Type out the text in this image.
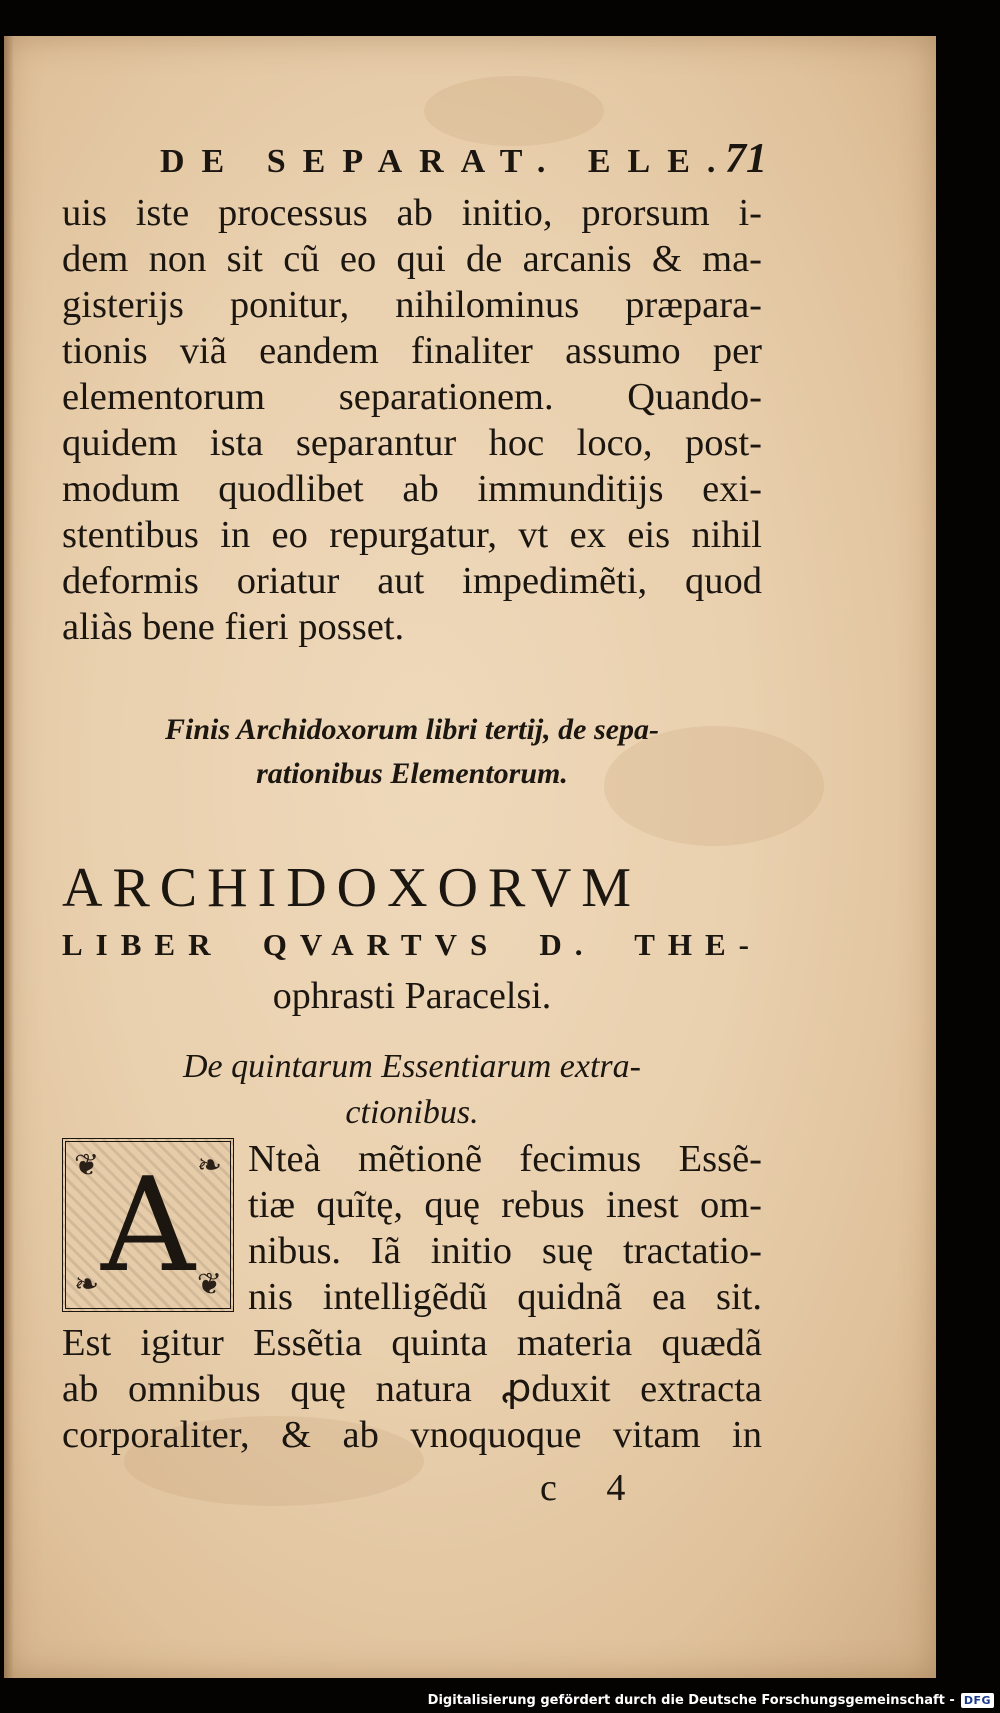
DE SEPARAT. ELE.
71
uis iste processus ab initio, prorsum i-
dem non sit cũ eo qui de arcanis & ma-
gisterijs ponitur, nihilominus præpara-
tionis viã eandem finaliter assumo per
elementorum separationem. Quando-
quidem ista separantur hoc loco, post-
modum quodlibet ab immunditijs exi-
stentibus in eo repurgatur, vt ex eis nihil
deformis oriatur aut impedimẽti, quod
aliàs bene fieri posset.
Finis Archidoxorum libri tertij, de sepa-
rationibus Elementorum.
ARCHIDOXORVM
LIBER QVARTVS D. THE-
ophrasti Paracelsi.
De quintarum Essentiarum extra-
ctionibus.
❦	❧
❧	❦
A	Nteà mẽtionẽ fecimus Essẽ-
tiæ quĩtę, quę rebus inest om-
nibus. Iã initio suę tractatio-
nis intelligẽdũ quidnã ea sit.
Est igitur Essẽtia quinta materia quædã
ab omnibus quę natura ꝓduxit extracta
corporaliter, & ab vnoquoque vitam in
c 4
Digitalisierung gefördert durch die Deutsche Forschungsgemeinschaft - DFG
